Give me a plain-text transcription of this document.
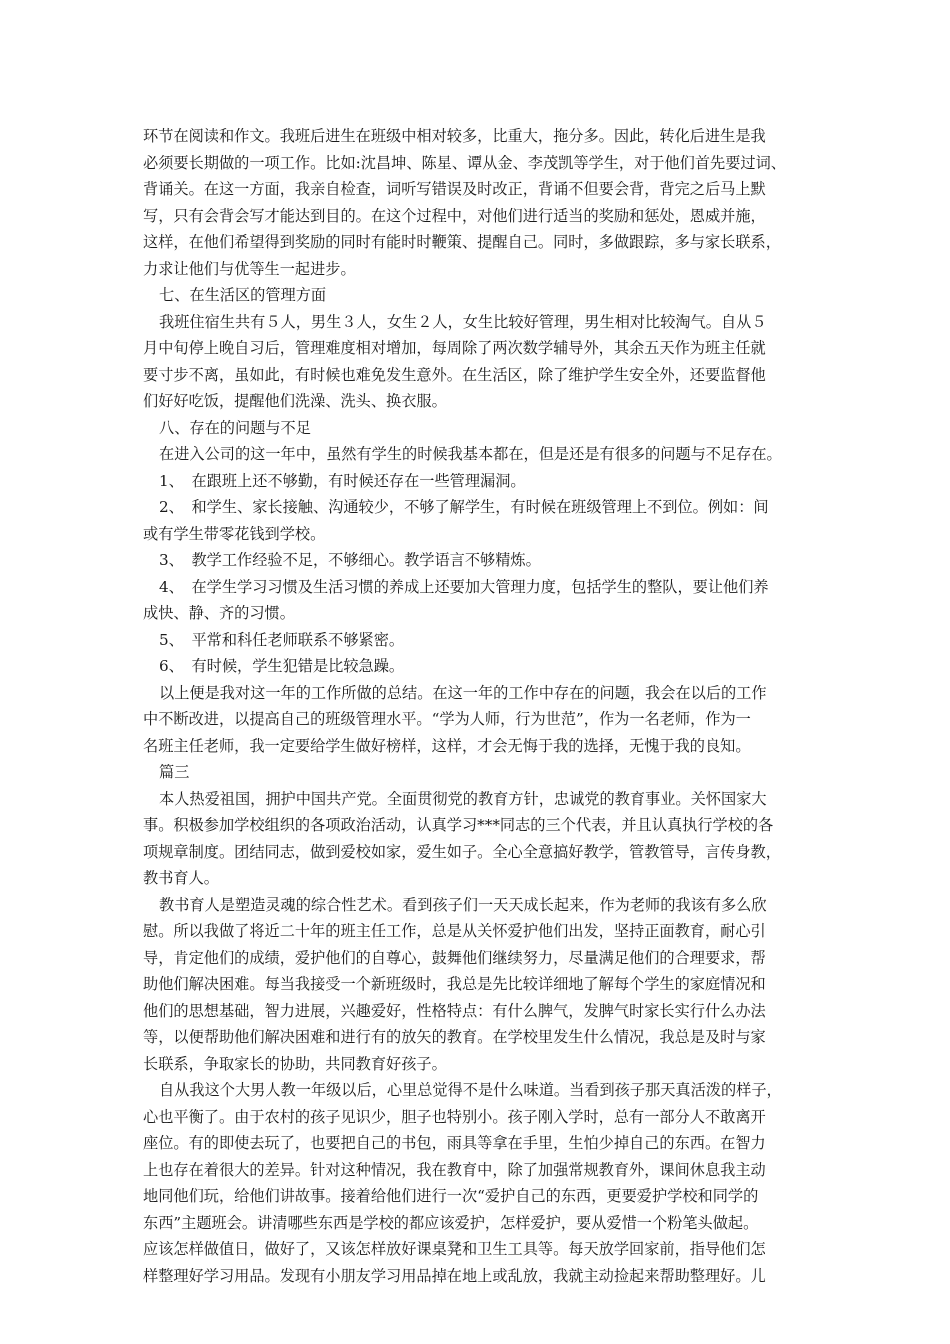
环节在阅读和作文。我班后进生在班级中相对较多，比重大，拖分多。因此，转化后进生是我
必须要长期做的一项工作。比如:沈昌坤、陈星、谭从金、李茂凯等学生，对于他们首先要过词、
背诵关。在这一方面，我亲自检查，词听写错误及时改正，背诵不但要会背，背完之后马上默
写，只有会背会写才能达到目的。在这个过程中，对他们进行适当的奖励和惩处，恩威并施，
这样，在他们希望得到奖励的同时有能时时鞭策、提醒自己。同时，多做跟踪，多与家长联系，
力求让他们与优等生一起进步。
七、在生活区的管理方面
我班住宿生共有５人，男生３人，女生２人，女生比较好管理，男生相对比较淘气。自从５
月中旬停上晚自习后，管理难度相对增加，每周除了两次数学辅导外，其余五天作为班主任就
要寸步不离，虽如此，有时候也难免发生意外。在生活区，除了维护学生安全外，还要监督他
们好好吃饭，提醒他们洗澡、洗头、换衣服。
八、存在的问题与不足
在进入公司的这一年中，虽然有学生的时候我基本都在，但是还是有很多的问题与不足存在。
1、　在跟班上还不够勤，有时候还存在一些管理漏洞。
2、　和学生、家长接触、沟通较少，不够了解学生，有时候在班级管理上不到位。例如：间
或有学生带零花钱到学校。
3、　教学工作经验不足，不够细心。教学语言不够精炼。
4、　在学生学习习惯及生活习惯的养成上还要加大管理力度，包括学生的整队，要让他们养
成快、静、齐的习惯。
5、　平常和科任老师联系不够紧密。
6、　有时候，学生犯错是比较急躁。
以上便是我对这一年的工作所做的总结。在这一年的工作中存在的问题，我会在以后的工作
中不断改进，以提高自己的班级管理水平。“学为人师，行为世范”，作为一名老师，作为一
名班主任老师，我一定要给学生做好榜样，这样，才会无悔于我的选择，无愧于我的良知。
篇三
本人热爱祖国，拥护中国共产党。全面贯彻党的教育方针，忠诚党的教育事业。关怀国家大
事。积极参加学校组织的各项政治活动，认真学习***同志的三个代表，并且认真执行学校的各
项规章制度。团结同志，做到爱校如家，爱生如子。全心全意搞好教学，管教管导，言传身教，
教书育人。
教书育人是塑造灵魂的综合性艺术。看到孩子们一天天成长起来，作为老师的我该有多么欣
慰。所以我做了将近二十年的班主任工作，总是从关怀爱护他们出发，坚持正面教育，耐心引
导，肯定他们的成绩，爱护他们的自尊心，鼓舞他们继续努力，尽量满足他们的合理要求，帮
助他们解决困难。每当我接受一个新班级时，我总是先比较详细地了解每个学生的家庭情况和
他们的思想基础，智力进展，兴趣爱好，性格特点：有什么脾气，发脾气时家长实行什么办法
等，以便帮助他们解决困难和进行有的放矢的教育。在学校里发生什么情况，我总是及时与家
长联系，争取家长的协助，共同教育好孩子。
自从我这个大男人教一年级以后，心里总觉得不是什么味道。当看到孩子那天真活泼的样子，
心也平衡了。由于农村的孩子见识少，胆子也特别小。孩子刚入学时，总有一部分人不敢离开
座位。有的即使去玩了，也要把自己的书包，雨具等拿在手里，生怕少掉自己的东西。在智力
上也存在着很大的差异。针对这种情况，我在教育中，除了加强常规教育外，课间休息我主动
地同他们玩，给他们讲故事。接着给他们进行一次“爱护自己的东西，更要爱护学校和同学的
东西”主题班会。讲清哪些东西是学校的都应该爱护，怎样爱护，要从爱惜一个粉笔头做起。
应该怎样做值日，做好了，又该怎样放好课桌凳和卫生工具等。每天放学回家前，指导他们怎
样整理好学习用品。发现有小朋友学习用品掉在地上或乱放，我就主动捡起来帮助整理好。儿
